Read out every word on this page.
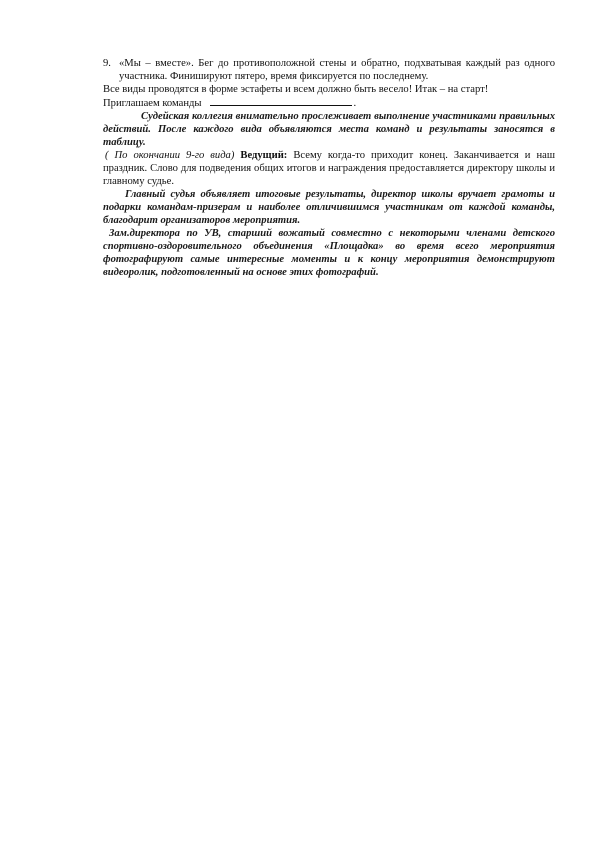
9. «Мы – вместе». Бег до противоположной стены и обратно, подхватывая каждый раз одного участника. Финишируют пятеро, время фиксируется по последнему.

Все виды проводятся в форме эстафеты и всем должно быть весело! Итак – на старт!

Приглашаем команды	.

Судейская коллегия внимательно прослеживает выполнение участниками правильных действий. После каждого вида объявляются места команд и результаты заносятся в таблицу.

( По окончании 9-го вида) Ведущий: Всему когда-то приходит конец. Заканчивается и наш праздник. Слово для подведения общих итогов и награждения предоставляется директору школы и главному судье.

Главный судья объявляет итоговые результаты, директор школы вручает грамоты и подарки командам-призерам и наиболее отличившимся участникам от каждой команды, благодарит организаторов мероприятия.

Зам.директора по УВ, старший вожатый совместно с некоторыми членами детского спортивно-оздоровительного объединения «Площадка» во время всего мероприятия фотографируют самые интересные моменты и к концу мероприятия демонстрируют видеоролик, подготовленный на основе этих фотографий.
